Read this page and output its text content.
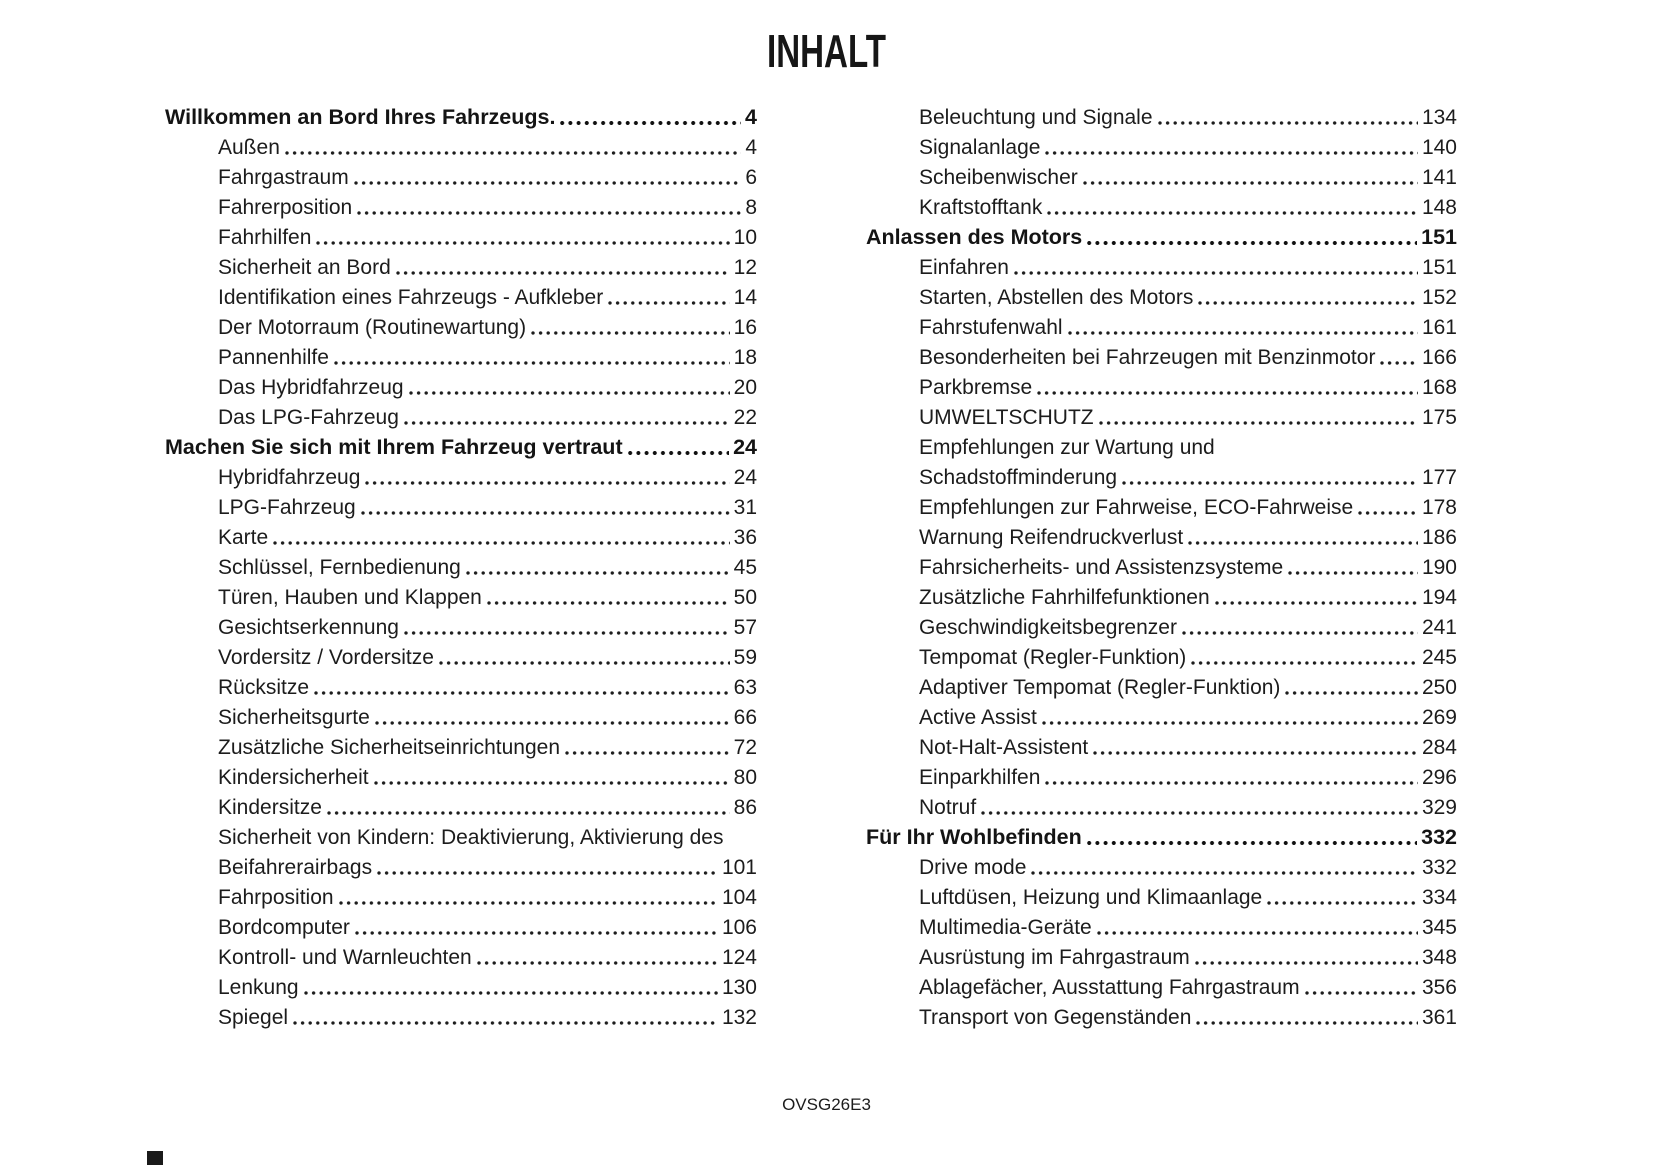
INHALT
Willkommen an Bord Ihres Fahrzeugs.	4
Außen	4
Fahrgastraum	6
Fahrerposition	8
Fahrhilfen	10
Sicherheit an Bord	12
Identifikation eines Fahrzeugs - Aufkleber	14
Der Motorraum (Routinewartung)	16
Pannenhilfe	18
Das Hybridfahrzeug	20
Das LPG-Fahrzeug	22
Machen Sie sich mit Ihrem Fahrzeug vertraut	24
Hybridfahrzeug	24
LPG-Fahrzeug	31
Karte	36
Schlüssel, Fernbedienung	45
Türen, Hauben und Klappen	50
Gesichtserkennung	57
Vordersitz / Vordersitze	59
Rücksitze	63
Sicherheitsgurte	66
Zusätzliche Sicherheitseinrichtungen	72
Kindersicherheit	80
Kindersitze	86
Sicherheit von Kindern: Deaktivierung, Aktivierung des
Beifahrerairbags	101
Fahrposition	104
Bordcomputer	106
Kontroll- und Warnleuchten	124
Lenkung	130
Spiegel	132
Beleuchtung und Signale	134
Signalanlage	140
Scheibenwischer	141
Kraftstofftank	148
Anlassen des Motors	151
Einfahren	151
Starten, Abstellen des Motors	152
Fahrstufenwahl	161
Besonderheiten bei Fahrzeugen mit Benzinmotor 166
Parkbremse	168
UMWELTSCHUTZ	175
Empfehlungen zur Wartung und
Schadstoffminderung	177
Empfehlungen zur Fahrweise, ECO-Fahrweise	178
Warnung Reifendruckverlust	186
Fahrsicherheits- und Assistenzsysteme	190
Zusätzliche Fahrhilfefunktionen	194
Geschwindigkeitsbegrenzer	241
Tempomat (Regler-Funktion)	245
Adaptiver Tempomat (Regler-Funktion)	250
Active Assist	269
Not-Halt-Assistent	284
Einparkhilfen	296
Notruf	329
Für Ihr Wohlbefinden	332
Drive mode	332
Luftdüsen, Heizung und Klimaanlage	334
Multimedia-Geräte	345
Ausrüstung im Fahrgastraum	348
Ablagefächer, Ausstattung Fahrgastraum	356
Transport von Gegenständen	361
OVSG26E3
